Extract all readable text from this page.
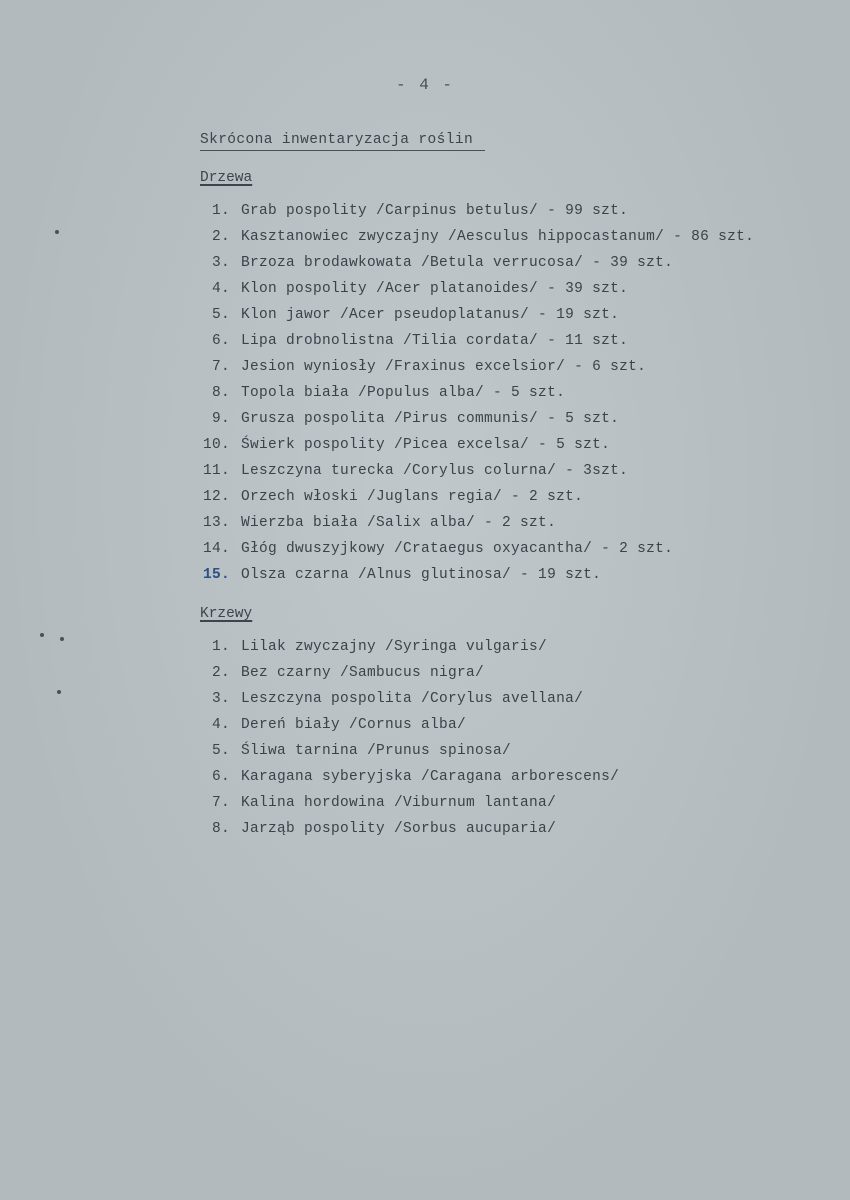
- 4 -
Skrócona inwentaryzacja roślin
Drzewa
1.
Grab pospolity /Carpinus betulus/ - 99 szt.
2.
Kasztanowiec zwyczajny /Aesculus hippocastanum/ - 86 szt.
3.
Brzoza brodawkowata /Betula verrucosa/ - 39 szt.
4.
Klon pospolity /Acer platanoides/ - 39 szt.
5.
Klon jawor /Acer pseudoplatanus/ - 19 szt.
6.
Lipa drobnolistna /Tilia cordata/ - 11 szt.
7.
Jesion wyniosły /Fraxinus excelsior/ - 6 szt.
8.
Topola biała /Populus alba/ - 5 szt.
9.
Grusza pospolita /Pirus communis/ - 5 szt.
10.
Świerk pospolity /Picea excelsa/ - 5 szt.
11.
Leszczyna turecka /Corylus colurna/ - 3szt.
12.
Orzech włoski /Juglans regia/ - 2 szt.
13.
Wierzba biała /Salix alba/ - 2 szt.
14.
Głóg dwuszyjkowy /Crataegus oxyacantha/ - 2 szt.
15.
Olsza czarna /Alnus glutinosa/ - 19 szt.
Krzewy
1.
Lilak zwyczajny /Syringa vulgaris/
2.
Bez czarny /Sambucus nigra/
3.
Leszczyna pospolita /Corylus avellana/
4.
Dereń biały /Cornus alba/
5.
Śliwa tarnina /Prunus spinosa/
6.
Karagana syberyjska /Caragana arborescens/
7.
Kalina hordowina /Viburnum lantana/
8.
Jarząb pospolity /Sorbus aucuparia/
